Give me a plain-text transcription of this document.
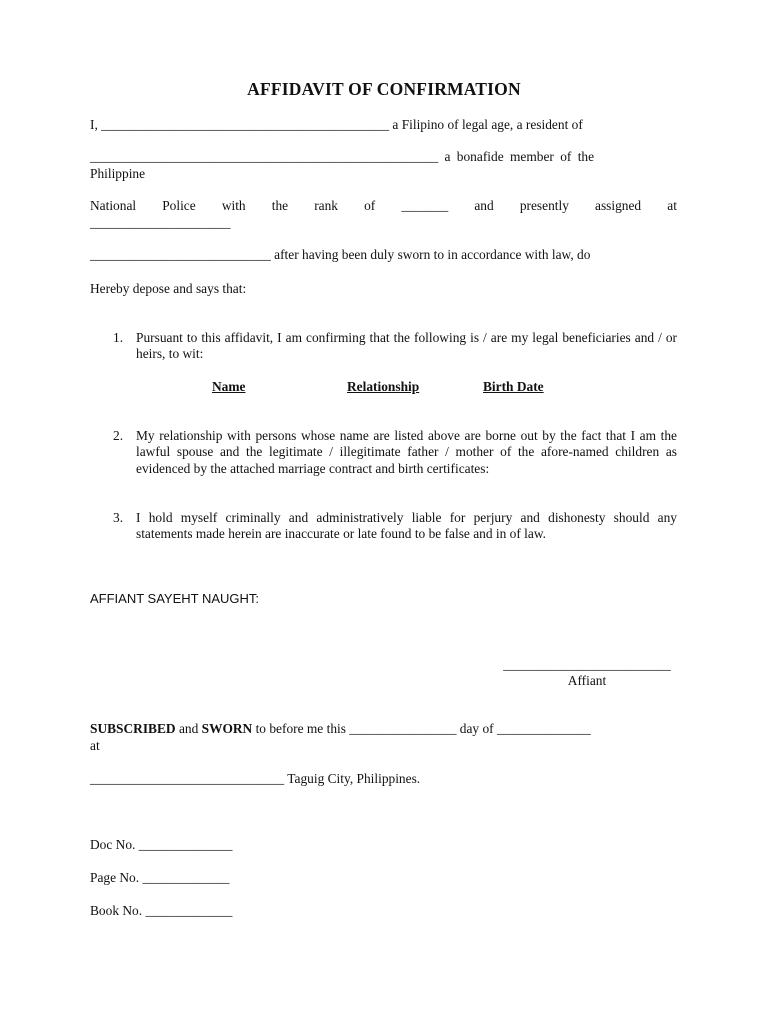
AFFIDAVIT OF CONFIRMATION
I, ___________________________________________ a Filipino of legal age, a resident of
____________________________________________________ a bonafide member of the
Philippine
National Police with the rank of _______ and presently assigned at
_____________________
___________________________ after having been duly sworn to in accordance with law, do
Hereby depose and says that:
1. Pursuant to this affidavit, I am confirming that the following is / are my legal beneficiaries and / or heirs, to wit:
Name	Relationship	Birth Date
2. My relationship with persons whose name are listed above are borne out by the fact that I am the lawful spouse and the legitimate / illegitimate father / mother of the afore-named children as evidenced by the attached marriage contract and birth certificates:
3. I hold myself criminally and administratively liable for perjury and dishonesty should any statements made herein are inaccurate or late found to be false and in of law.
AFFIANT SAYEHT NAUGHT:
_________________________
Affiant
SUBSCRIBED and SWORN to before me this ________________ day of ______________
at
_____________________________ Taguig City, Philippines.
Doc No. ______________
Page No. _____________
Book No. _____________
